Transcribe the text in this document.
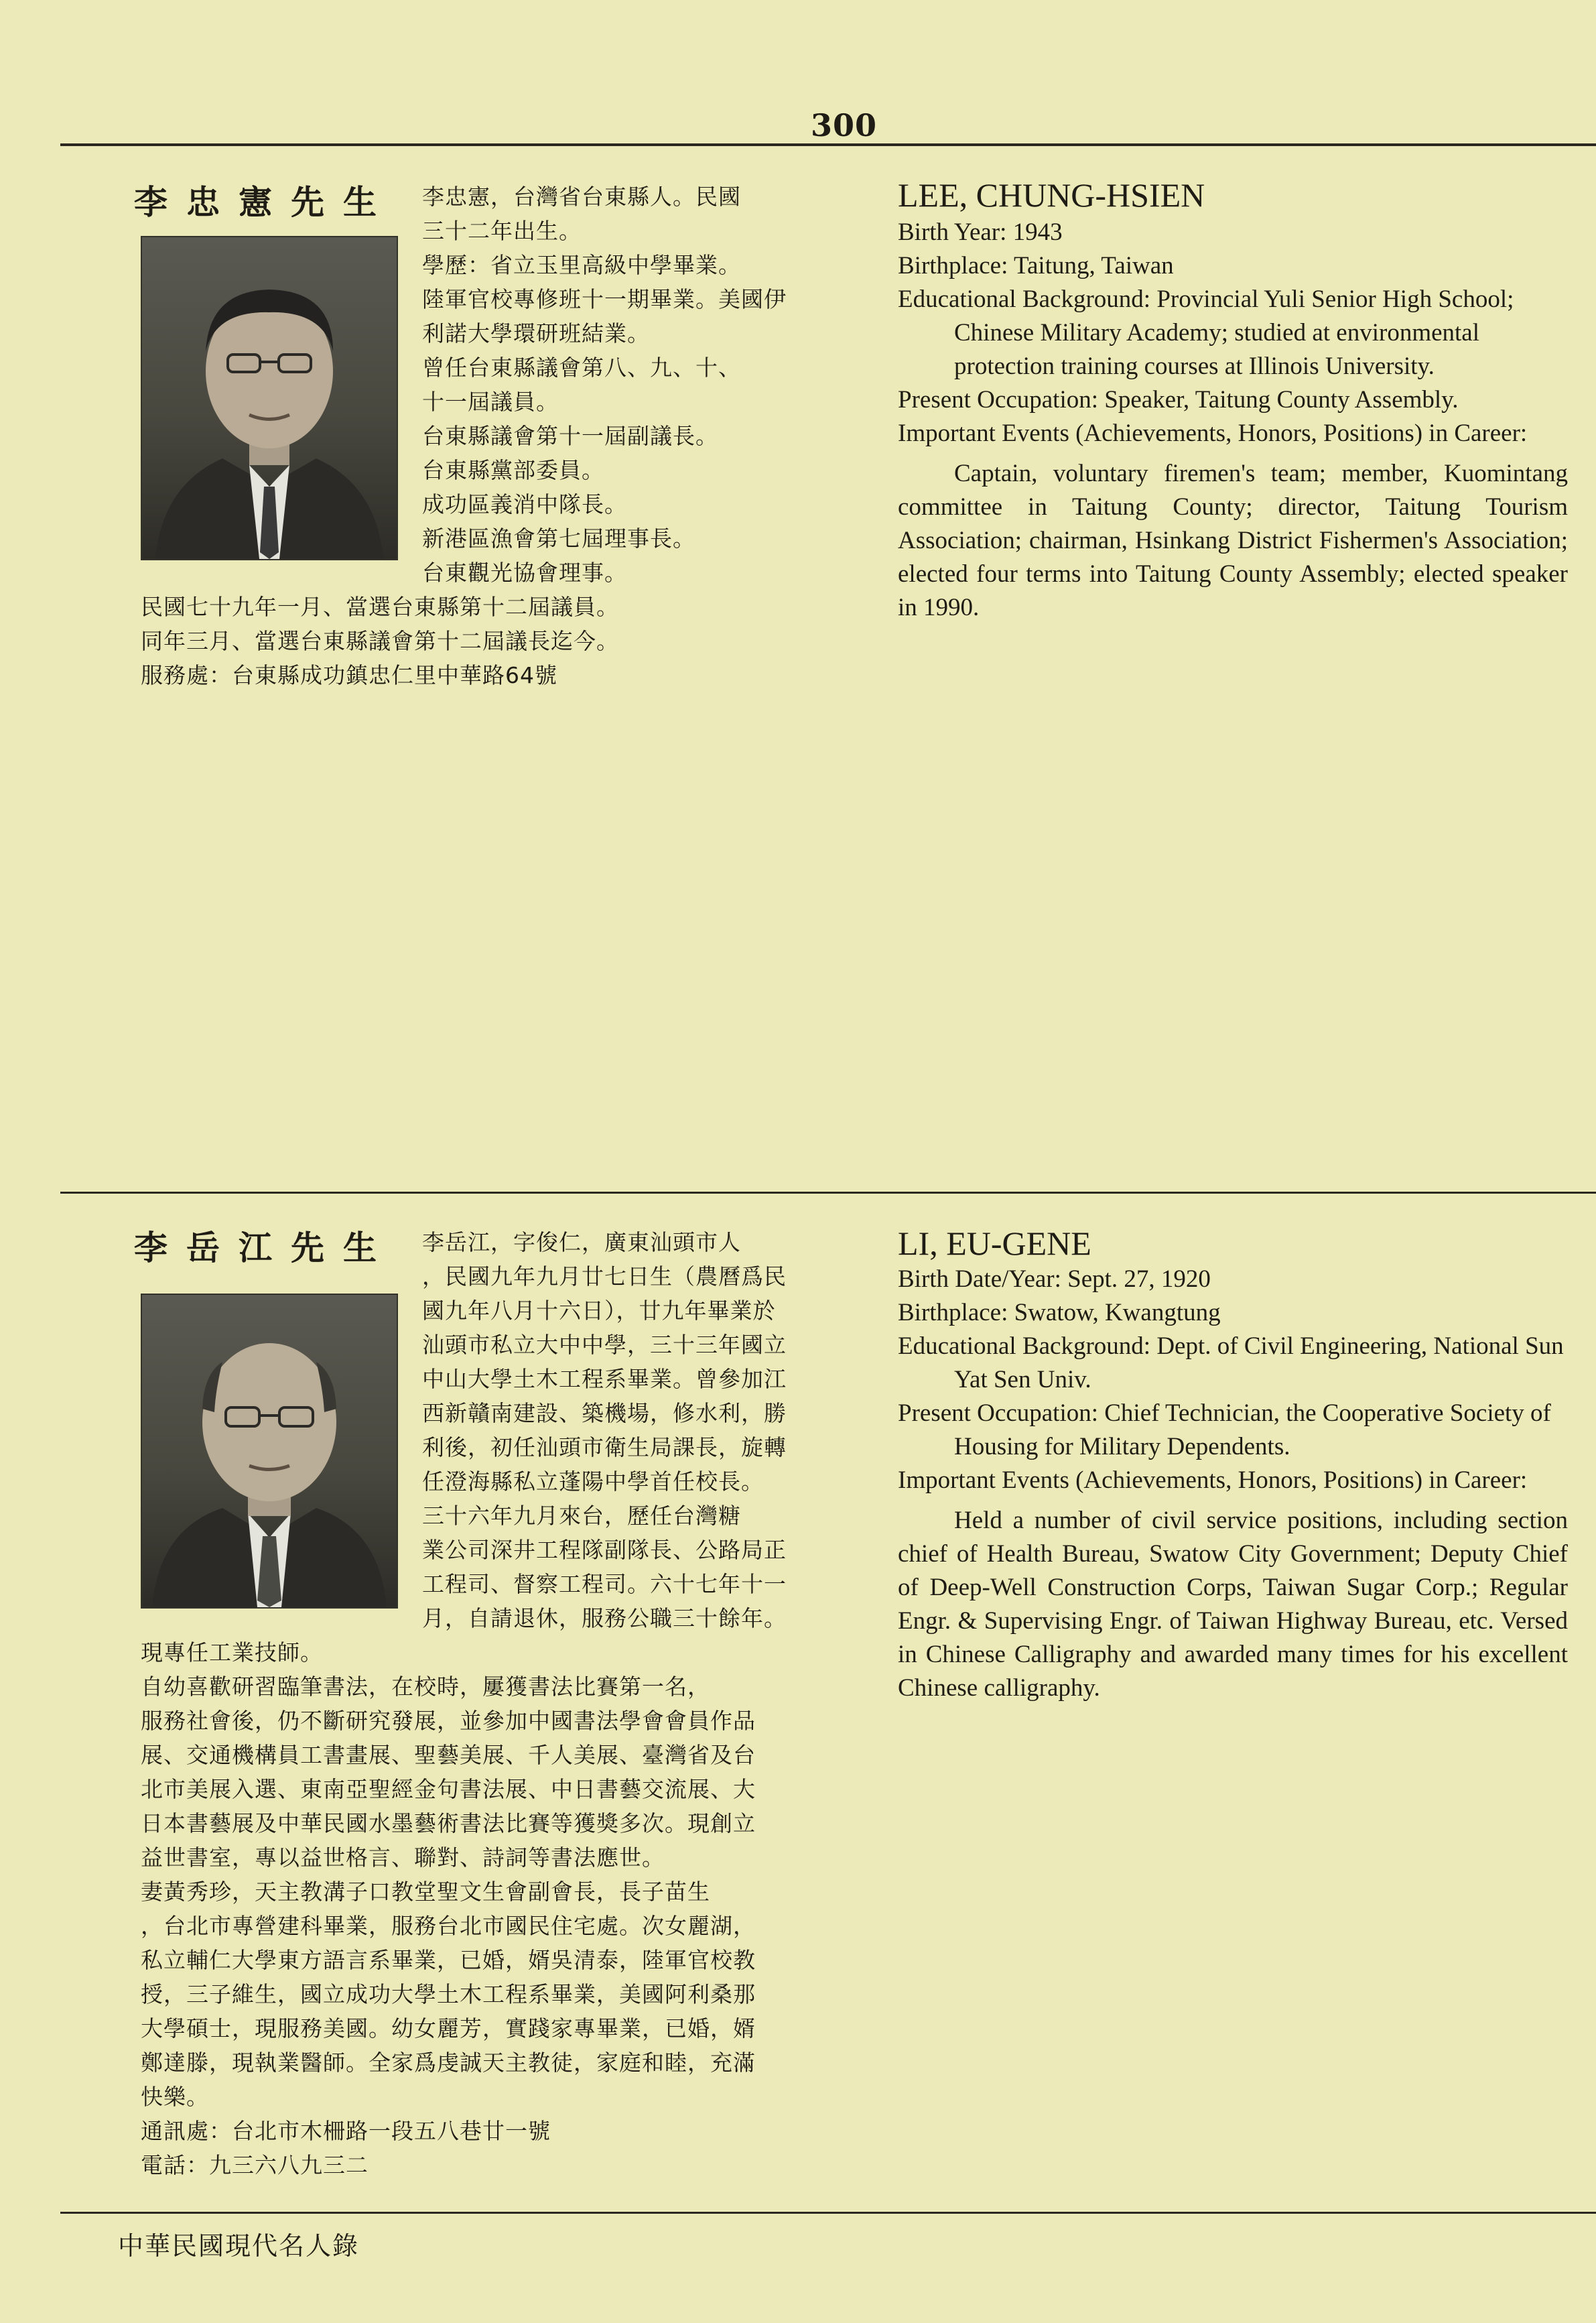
300
李忠憲先生	李忠憲，台灣省台東縣人。民國
三十二年出生。
學歷：省立玉里高級中學畢業。
陸軍官校專修班十一期畢業。美國伊
利諾大學環研班結業。
曾任台東縣議會第八、九、十、
十一屆議員。
台東縣議會第十一屆副議長。
台東縣黨部委員。
成功區義消中隊長。
新港區漁會第七屆理事長。
台東觀光協會理事。
民國七十九年一月、當選台東縣第十二屆議員。
同年三月、當選台東縣議會第十二屆議長迄今。
服務處：台東縣成功鎮忠仁里中華路64號
LEE, CHUNG-HSIEN

Birth Year: 1943

Birthplace: Taitung, Taiwan

Educational Background: Provincial Yuli Senior High School; Chinese Military Academy; studied at environmental protection training courses at Illinois University.

Present Occupation: Speaker, Taitung County Assembly.

Important Events (Achievements, Honors, Positions) in Career:

Captain, voluntary firemen's team; member, Kuomintang committee in Taitung County; director, Taitung Tourism Association; chairman, Hsinkang District Fishermen's Association; elected four terms into Taitung County Assembly; elected speaker in 1990.

李岳江先生	李岳江，字俊仁，廣東汕頭市人
，民國九年九月廿七日生（農曆爲民
國九年八月十六日），廿九年畢業於
汕頭市私立大中中學，三十三年國立
中山大學土木工程系畢業。曾參加江
西新贛南建設、築機場，修水利，勝
利後，初任汕頭市衛生局課長，旋轉
任澄海縣私立蓬陽中學首任校長。
三十六年九月來台，歷任台灣糖
業公司深井工程隊副隊長、公路局正
工程司、督察工程司。六十七年十一
月，自請退休，服務公職三十餘年。
現專任工業技師。
自幼喜歡研習臨筆書法，在校時，屢獲書法比賽第一名，
服務社會後，仍不斷研究發展，並參加中國書法學會會員作品
展、交通機構員工書畫展、聖藝美展、千人美展、臺灣省及台
北市美展入選、東南亞聖經金句書法展、中日書藝交流展、大
日本書藝展及中華民國水墨藝術書法比賽等獲獎多次。現創立
益世書室，專以益世格言、聯對、詩詞等書法應世。
妻黃秀珍，天主教溝子口教堂聖文生會副會長，長子苗生
，台北市專營建科畢業，服務台北市國民住宅處。次女麗湖，
私立輔仁大學東方語言系畢業，已婚，婿吳清泰，陸軍官校教
授，三子維生，國立成功大學土木工程系畢業，美國阿利桑那
大學碩士，現服務美國。幼女麗芳，實踐家專畢業，已婚，婿
鄭達滕，現執業醫師。全家爲虔誠天主教徒，家庭和睦，充滿
快樂。
通訊處：台北市木柵路一段五八巷廿一號
電話：九三六八九三二
LI, EU-GENE

Birth Date/Year: Sept. 27, 1920

Birthplace: Swatow, Kwangtung

Educational Background: Dept. of Civil Engineering, National Sun Yat Sen Univ.

Present Occupation: Chief Technician, the Cooperative Society of Housing for Military Dependents.

Important Events (Achievements, Honors, Positions) in Career:

Held a number of civil service positions, including section chief of Health Bureau, Swatow City Government; Deputy Chief of Deep-Well Construction Corps, Taiwan Sugar Corp.; Regular Engr. & Supervising Engr. of Taiwan Highway Bureau, etc. Versed in Chinese Calligraphy and awarded many times for his excellent Chinese calligraphy.

中華民國現代名人錄
